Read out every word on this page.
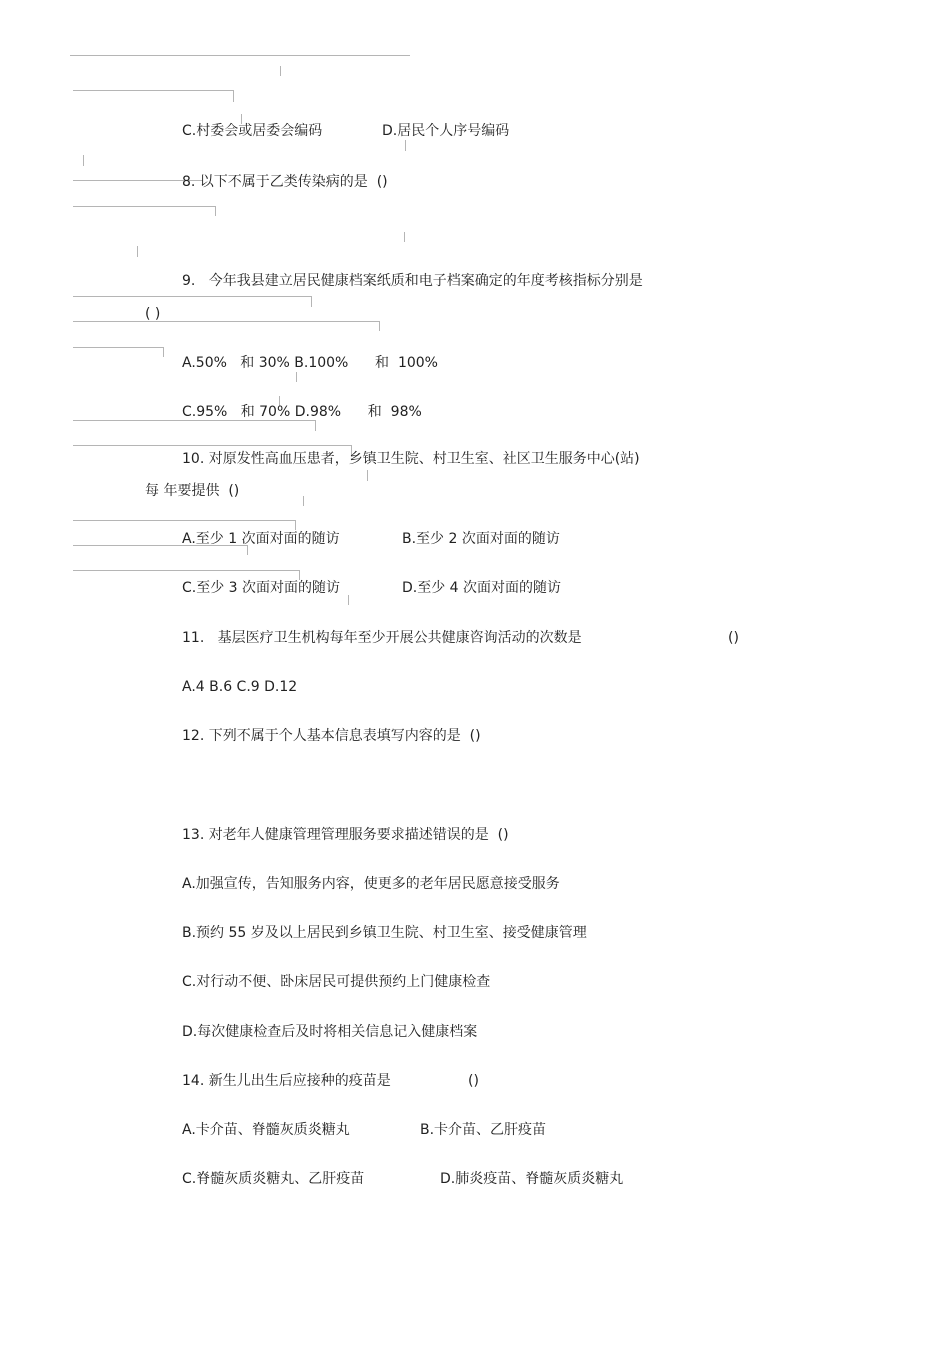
C.村委会或居委会编码	D.居民个人序号编码
8. 以下不属于乙类传染病的是  ()
9.   今年我县建立居民健康档案纸质和电子档案确定的年度考核指标分别是
( )
A.50%   和 30% B.100%      和  100%
C.95%   和 70% D.98%      和  98%
10. 对原发性高血压患者，乡镇卫生院、村卫生室、社区卫生服务中心(站)
每 年要提供  ()
A.至少 1 次面对面的随访	B.至少 2 次面对面的随访
C.至少 3 次面对面的随访	D.至少 4 次面对面的随访
11.   基层医疗卫生机构每年至少开展公共健康咨询活动的次数是	()
A.4 B.6 C.9 D.12
12. 下列不属于个人基本信息表填写内容的是  ()
13. 对老年人健康管理管理服务要求描述错误的是  ()
A.加强宣传，告知服务内容，使更多的老年居民愿意接受服务
B.预约 55 岁及以上居民到乡镇卫生院、村卫生室、接受健康管理
C.对行动不便、卧床居民可提供预约上门健康检查
D.每次健康检查后及时将相关信息记入健康档案
14. 新生儿出生后应接种的疫苗是	()
A.卡介苗、脊髓灰质炎糖丸	B.卡介苗、乙肝疫苗
C.脊髓灰质炎糖丸、乙肝疫苗	D.肺炎疫苗、脊髓灰质炎糖丸
